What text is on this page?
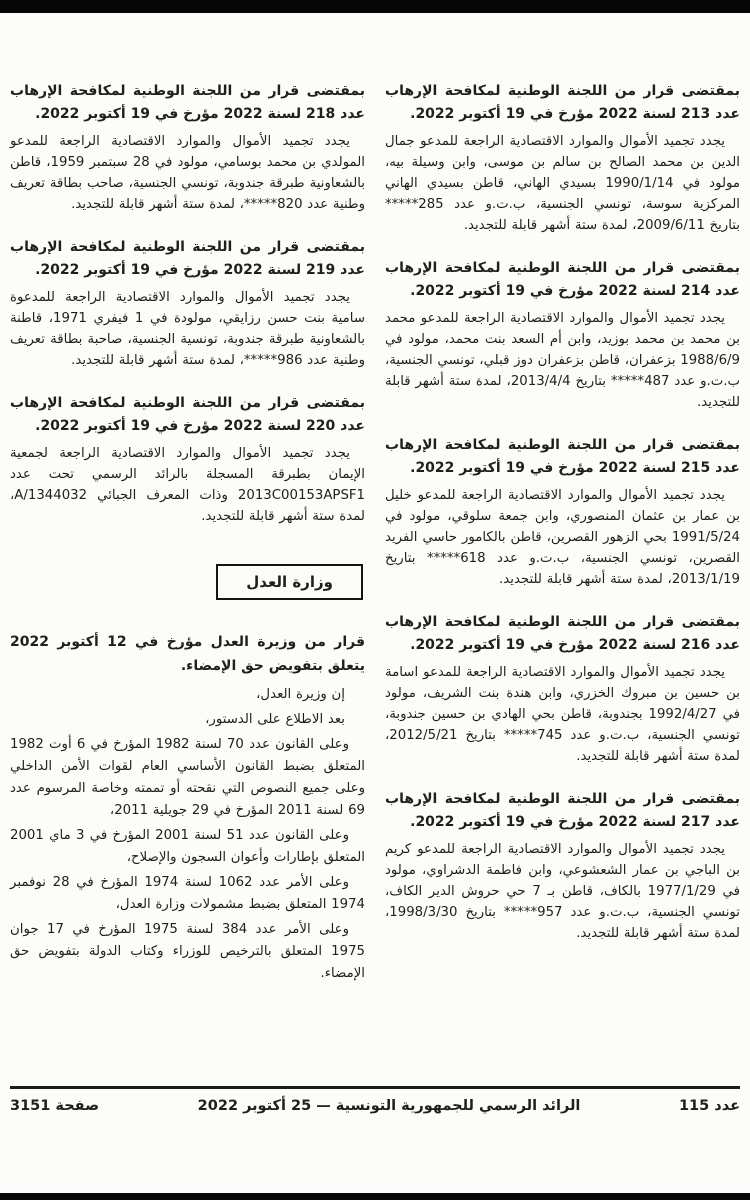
بمقتضى قرار من اللجنة الوطنية لمكافحة الإرهاب عدد 213 لسنة 2022 مؤرخ في 19 أكتوبر 2022.
يجدد تجميد الأموال والموارد الاقتصادية الراجعة للمدعو جمال الدين بن محمد الصالح بن سالم بن موسى، وابن وسيلة بيه، مولود في 1990/1/14 بسيدي الهاني، قاطن بسيدي الهاني المركزية سوسة، تونسي الجنسية، ب.ت.و عدد 285***** بتاريخ 2009/6/11، لمدة ستة أشهر قابلة للتجديد.
بمقتضى قرار من اللجنة الوطنية لمكافحة الإرهاب عدد 214 لسنة 2022 مؤرخ في 19 أكتوبر 2022.
يجدد تجميد الأموال والموارد الاقتصادية الراجعة للمدعو محمد بن محمد بن محمد بوزيد، وابن أم السعد بنت محمد، مولود في 1988/6/9 بزعفران، قاطن بزعفران دوز قبلي، تونسي الجنسية، ب.ت.و عدد 487***** بتاريخ 2013/4/4، لمدة ستة أشهر قابلة للتجديد.
بمقتضى قرار من اللجنة الوطنية لمكافحة الإرهاب عدد 215 لسنة 2022 مؤرخ في 19 أكتوبر 2022.
يجدد تجميد الأموال والموارد الاقتصادية الراجعة للمدعو خليل بن عمار بن عثمان المنصوري، وابن جمعة سلوقي، مولود في 1991/5/24 بحي الزهور القصرين، قاطن بالكامور حاسي الفريد القصرين، تونسي الجنسية، ب.ت.و عدد 618***** بتاريخ 2013/1/19، لمدة ستة أشهر قابلة للتجديد.
بمقتضى قرار من اللجنة الوطنية لمكافحة الإرهاب عدد 216 لسنة 2022 مؤرخ في 19 أكتوبر 2022.
يجدد تجميد الأموال والموارد الاقتصادية الراجعة للمدعو اسامة بن حسين بن مبروك الخزري، وابن هندة بنت الشريف، مولود في 1992/4/27 بجندوبة، قاطن بحي الهادي بن حسين جندوبة، تونسي الجنسية، ب.ت.و عدد 745***** بتاريخ 2012/5/21، لمدة ستة أشهر قابلة للتجديد.
بمقتضى قرار من اللجنة الوطنية لمكافحة الإرهاب عدد 217 لسنة 2022 مؤرخ في 19 أكتوبر 2022.
يجدد تجميد الأموال والموارد الاقتصادية الراجعة للمدعو كريم بن الباجي بن عمار الشعشوعي، وابن فاطمة الدشراوي، مولود في 1977/1/29 بالكاف، قاطن بـ 7 حي حروش الدير الكاف، تونسي الجنسية، ب.ت.و عدد 957***** بتاريخ 1998/3/30، لمدة ستة أشهر قابلة للتجديد.
بمقتضى قرار من اللجنة الوطنية لمكافحة الإرهاب عدد 218 لسنة 2022 مؤرخ في 19 أكتوبر 2022.
يجدد تجميد الأموال والموارد الاقتصادية الراجعة للمدعو المولدي بن محمد بوسامي، مولود في 28 سبتمبر 1959، قاطن بالشعاونية طبرقة جندوبة، تونسي الجنسية، صاحب بطاقة تعريف وطنية عدد 820*****، لمدة ستة أشهر قابلة للتجديد.
بمقتضى قرار من اللجنة الوطنية لمكافحة الإرهاب عدد 219 لسنة 2022 مؤرخ في 19 أكتوبر 2022.
يجدد تجميد الأموال والموارد الاقتصادية الراجعة للمدعوة سامية بنت حسن رزايقي، مولودة في 1 فيفري 1971، قاطنة بالشعاونية طبرقة جندوبة، تونسية الجنسية، صاحبة بطاقة تعريف وطنية عدد 986*****، لمدة ستة أشهر قابلة للتجديد.
بمقتضى قرار من اللجنة الوطنية لمكافحة الإرهاب عدد 220 لسنة 2022 مؤرخ في 19 أكتوبر 2022.
يجدد تجميد الأموال والموارد الاقتصادية الراجعة لجمعية الإيمان بطبرقة المسجلة بالرائد الرسمي تحت عدد 2013C00153APSF1 وذات المعرف الجبائي A/1344032، لمدة ستة أشهر قابلة للتجديد.
وزارة العدل
قرار من وزيرة العدل مؤرخ في 12 أكتوبر 2022 يتعلق بتفويض حق الإمضاء.

إن وزيرة العدل،

بعد الاطلاع على الدستور،

وعلى القانون عدد 70 لسنة 1982 المؤرخ في 6 أوت 1982 المتعلق بضبط القانون الأساسي العام لقوات الأمن الداخلي وعلى جميع النصوص التي نقحته أو تممته وخاصة المرسوم عدد 69 لسنة 2011 المؤرخ في 29 جويلية 2011،

وعلى القانون عدد 51 لسنة 2001 المؤرخ في 3 ماي 2001 المتعلق بإطارات وأعوان السجون والإصلاح،

وعلى الأمر عدد 1062 لسنة 1974 المؤرخ في 28 نوفمبر 1974 المتعلق بضبط مشمولات وزارة العدل،

وعلى الأمر عدد 384 لسنة 1975 المؤرخ في 17 جوان 1975 المتعلق بالترخيص للوزراء وكتاب الدولة بتفويض حق الإمضاء.

عدد 115
الرائد الرسمي للجمهورية التونسية — 25 أكتوبر 2022
صفحة 3151
